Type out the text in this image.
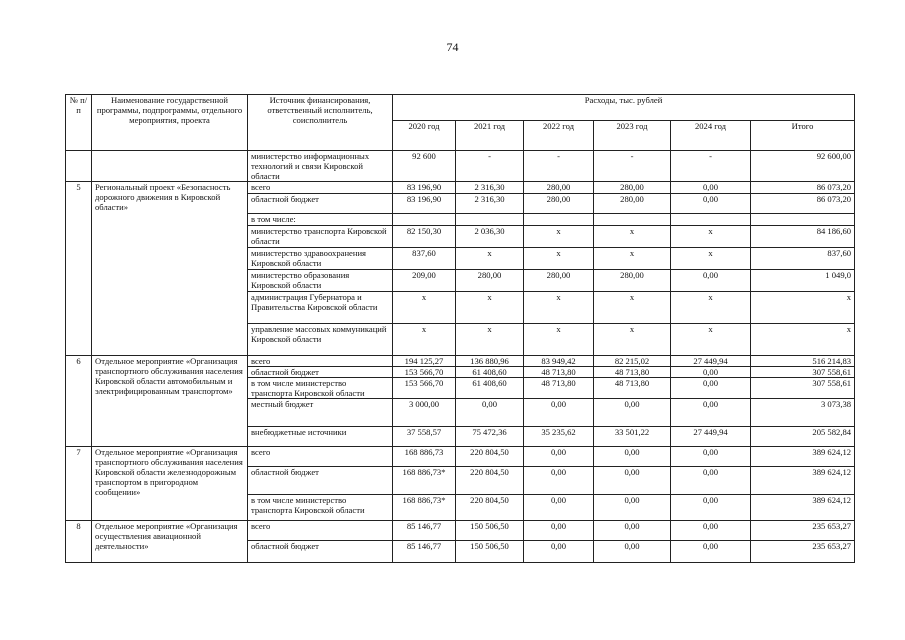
74
№ п/п	Наименование государственной программы, подпрограммы, отдельного мероприятия, проекта	Источник финансирования, ответственный исполнитель, соисполнитель	Расходы, тыс. рублей					
			2020 год	2021 год	2022 год	2023 год	2024 год	Итого
		министерство информационных технологий и связи Кировской области	92 600	-	-	-	-	92 600,00
5	Региональный проект «Безопасность дорожного движения в Кировской области»	всего	83 196,90	2 316,30	280,00	280,00	0,00	86 073,20
		областной бюджет	83 196,90	2 316,30	280,00	280,00	0,00	86 073,20
		в том числе:						
		министерство транспорта Кировской области	82 150,30	2 036,30	х	х	х	84 186,60
		министерство здравоохранения Кировской области	837,60	х	х	х	х	837,60
		министерство образования Кировской области	209,00	280,00	280,00	280,00	0,00	1 049,0
		администрация Губернатора и Правительства Кировской области	х	х	х	х	х	х
		управление массовых коммуникаций Кировской области	х	х	х	х	х	х
6	Отдельное мероприятие «Организация транспортного обслуживания населения Кировской области автомобильным и электрифицированным транспортом»	всего	194 125,27	136 880,96	83 949,42	82 215,02	27 449,94	516 214,83
		областной бюджет	153 566,70	61 408,60	48 713,80	48 713,80	0,00	307 558,61
		в том числе министерство транспорта Кировской области	153 566,70	61 408,60	48 713,80	48 713,80	0,00	307 558,61
		местный бюджет	3 000,00	0,00	0,00	0,00	0,00	3 073,38
		внебюджетные источники	37 558,57	75 472,36	35 235,62	33 501,22	27 449,94	205 582,84
7	Отдельное мероприятие «Организация транспортного обслуживания населения Кировской области железнодорожным транспортом в пригородном сообщении»	всего	168 886,73	220 804,50	0,00	0,00	0,00	389 624,12
		областной бюджет	168 886,73*	220 804,50	0,00	0,00	0,00	389 624,12
		в том числе министерство транспорта Кировской области	168 886,73*	220 804,50	0,00	0,00	0,00	389 624,12
8	Отдельное мероприятие «Организация осуществления авиационной деятельности»	всего	85 146,77	150 506,50	0,00	0,00	0,00	235 653,27
		областной бюджет	85 146,77	150 506,50	0,00	0,00	0,00	235 653,27
